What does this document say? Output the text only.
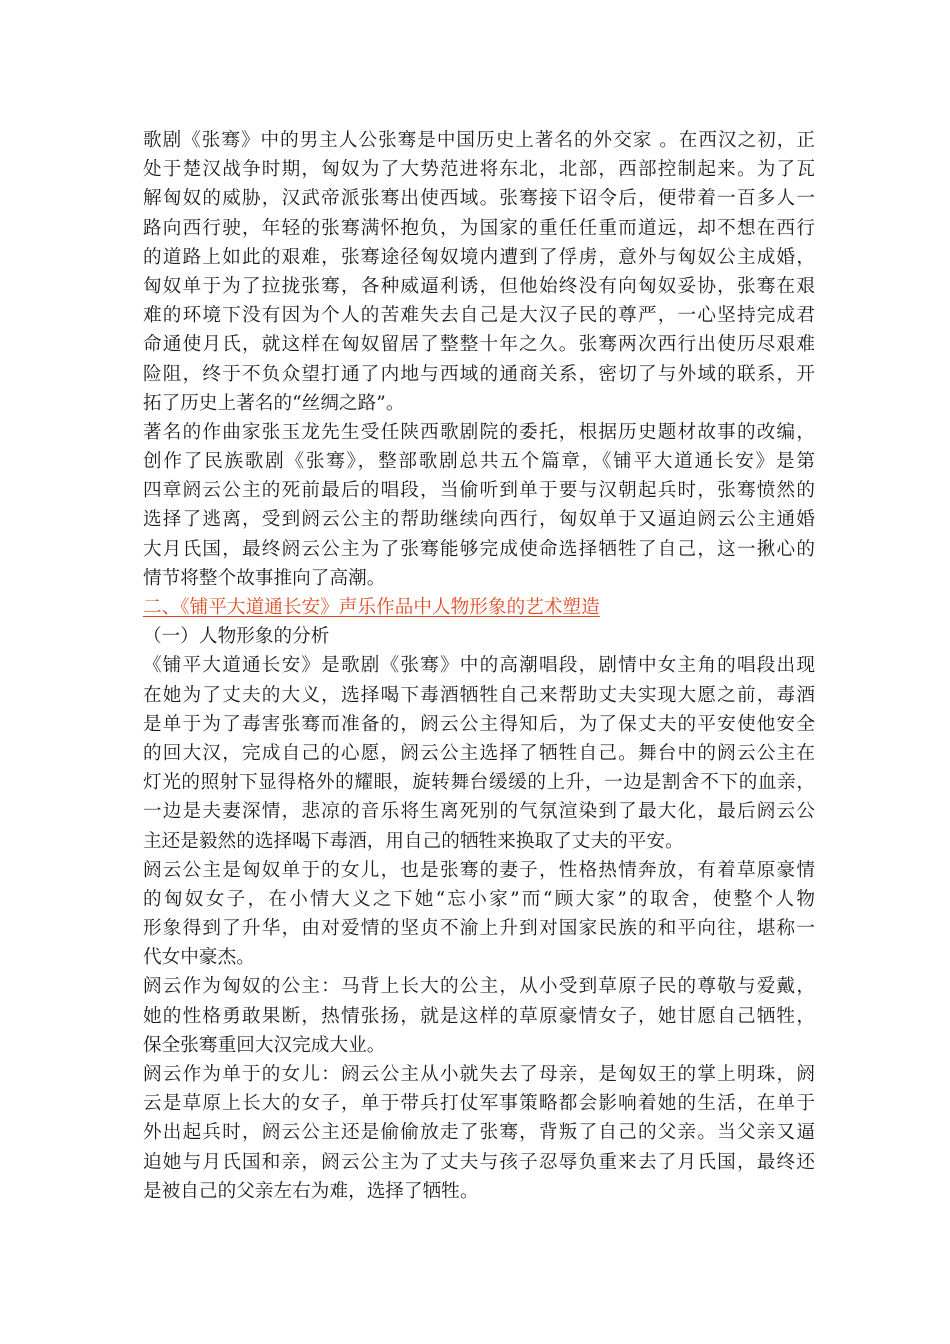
歌剧《张骞》中的男主人公张骞是中国历史上著名的外交家 。在西汉之初，正
处于楚汉战争时期，匈奴为了大势范进将东北，北部，西部控制起来。为了瓦
解匈奴的威胁，汉武帝派张骞出使西域。张骞接下诏令后，便带着一百多人一
路向西行驶，年轻的张骞满怀抱负，为国家的重任任重而道远，却不想在西行
的道路上如此的艰难，张骞途径匈奴境内遭到了俘虏，意外与匈奴公主成婚，
匈奴单于为了拉拢张骞，各种威逼利诱，但他始终没有向匈奴妥协，张骞在艰
难的环境下没有因为个人的苦难失去自己是大汉子民的尊严，一心坚持完成君
命通使月氏，就这样在匈奴留居了整整十年之久。张骞两次西行出使历尽艰难
险阻，终于不负众望打通了内地与西域的通商关系，密切了与外域的联系，开
拓了历史上著名的“丝绸之路”。
著名的作曲家张玉龙先生受任陕西歌剧院的委托，根据历史题材故事的改编，
创作了民族歌剧《张骞》，整部歌剧总共五个篇章，《铺平大道通长安》是第
四章阏云公主的死前最后的唱段，当偷听到单于要与汉朝起兵时，张骞愤然的
选择了逃离，受到阏云公主的帮助继续向西行，匈奴单于又逼迫阏云公主通婚
大月氏国，最终阏云公主为了张骞能够完成使命选择牺牲了自己，这一揪心的
情节将整个故事推向了高潮。
二、《铺平大道通长安》声乐作品中人物形象的艺术塑造
（一）人物形象的分析
《铺平大道通长安》是歌剧《张骞》中的高潮唱段，剧情中女主角的唱段出现
在她为了丈夫的大义，选择喝下毒酒牺牲自己来帮助丈夫实现大愿之前，毒酒
是单于为了毒害张骞而准备的，阏云公主得知后，为了保丈夫的平安使他安全
的回大汉，完成自己的心愿，阏云公主选择了牺牲自己。舞台中的阏云公主在
灯光的照射下显得格外的耀眼，旋转舞台缓缓的上升，一边是割舍不下的血亲，
一边是夫妻深情，悲凉的音乐将生离死别的气氛渲染到了最大化，最后阏云公
主还是毅然的选择喝下毒酒，用自己的牺牲来换取了丈夫的平安。
阏云公主是匈奴单于的女儿，也是张骞的妻子，性格热情奔放，有着草原豪情
的匈奴女子，在小情大义之下她“忘小家”而“顾大家”的取舍，使整个人物
形象得到了升华，由对爱情的坚贞不渝上升到对国家民族的和平向往，堪称一
代女中豪杰。
阏云作为匈奴的公主：马背上长大的公主，从小受到草原子民的尊敬与爱戴，
她的性格勇敢果断，热情张扬，就是这样的草原豪情女子，她甘愿自己牺牲，
保全张骞重回大汉完成大业。
阏云作为单于的女儿：阏云公主从小就失去了母亲，是匈奴王的掌上明珠，阏
云是草原上长大的女子，单于带兵打仗军事策略都会影响着她的生活，在单于
外出起兵时，阏云公主还是偷偷放走了张骞，背叛了自己的父亲。当父亲又逼
迫她与月氏国和亲，阏云公主为了丈夫与孩子忍辱负重来去了月氏国，最终还
是被自己的父亲左右为难，选择了牺牲。
